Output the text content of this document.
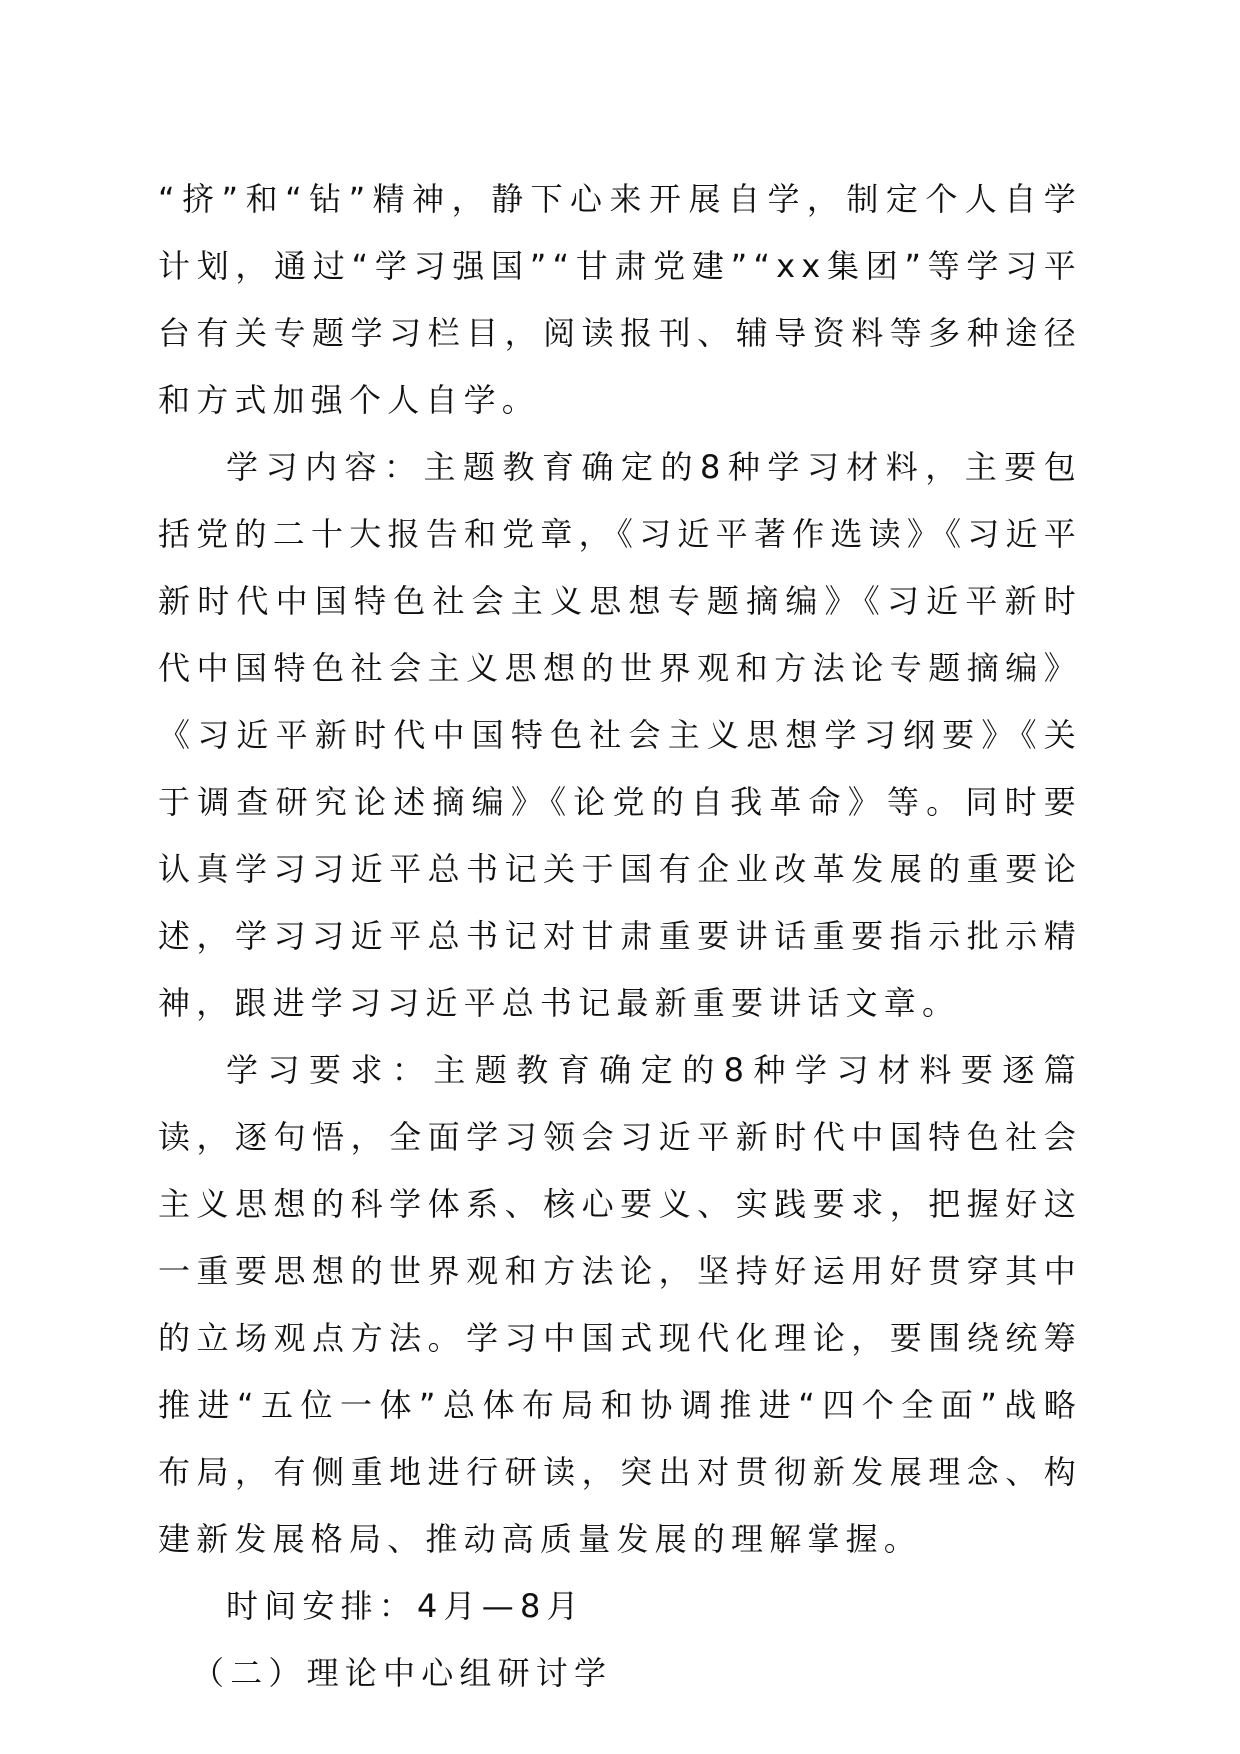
“挤”和“钻”精神，静下心来开展自学，制定个人自学计划，通过“学习强国”“甘肃党建”“xx集团”等学习平台有关专题学习栏目，阅读报刊、辅导资料等多种途径和方式加强个人自学。

学习内容：主题教育确定的8种学习材料，主要包括党的二十大报告和党章，《习近平著作选读》《习近平新时代中国特色社会主义思想专题摘编》《习近平新时代中国特色社会主义思想的世界观和方法论专题摘编》《习近平新时代中国特色社会主义思想学习纲要》《关于调查研究论述摘编》《论党的自我革命》等。同时要认真学习习近平总书记关于国有企业改革发展的重要论述，学习习近平总书记对甘肃重要讲话重要指示批示精神，跟进学习习近平总书记最新重要讲话文章。

学习要求：主题教育确定的8种学习材料要逐篇读，逐句悟，全面学习领会习近平新时代中国特色社会主义思想的科学体系、核心要义、实践要求，把握好这一重要思想的世界观和方法论，坚持好运用好贯穿其中的立场观点方法。学习中国式现代化理论，要围绕统筹推进“五位一体”总体布局和协调推进“四个全面”战略布局，有侧重地进行研读，突出对贯彻新发展理念、构建新发展格局、推动高质量发展的理解掌握。

时间安排：4月—8月

（二）理论中心组研讨学
